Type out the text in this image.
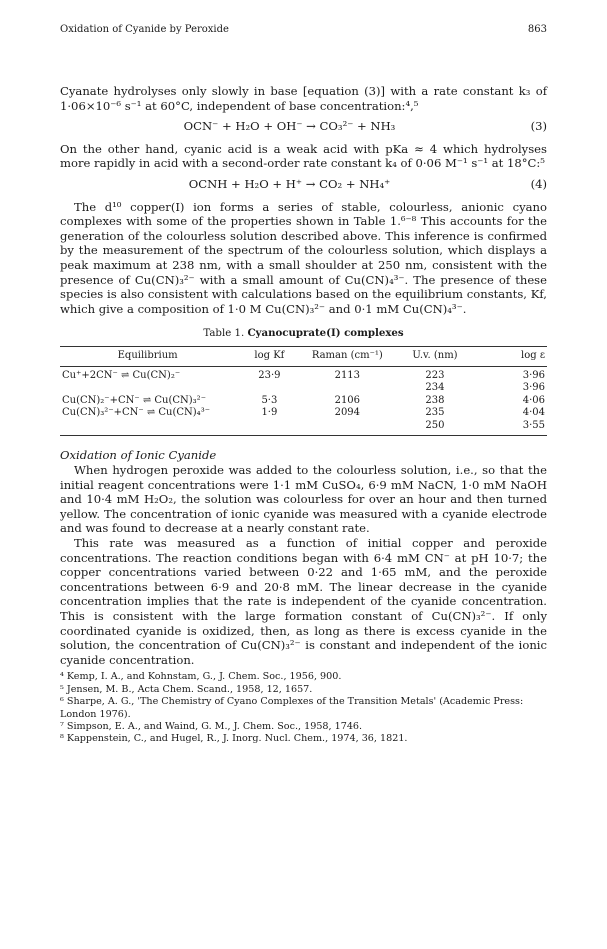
Oxidation of Cyanide by Peroxide	863

Cyanate hydrolyses only slowly in base [equation (3)] with a rate constant k₃ of 1·06×10⁻⁶ s⁻¹ at 60°C, independent of base concentration:⁴,⁵

OCN⁻ + H₂O + OH⁻ → CO₃²⁻ + NH₃	(3)

On the other hand, cyanic acid is a weak acid with pKa ≈ 4 which hydrolyses more rapidly in acid with a second-order rate constant k₄ of 0·06 M⁻¹ s⁻¹ at 18°C:⁵

OCNH + H₂O + H⁺ → CO₂ + NH₄⁺	(4)

The d¹⁰ copper(I) ion forms a series of stable, colourless, anionic cyano complexes with some of the properties shown in Table 1.⁶⁻⁸ This accounts for the generation of the colourless solution described above. This inference is confirmed by the measurement of the spectrum of the colourless solution, which displays a peak maximum at 238 nm, with a small shoulder at 250 nm, consistent with the presence of Cu(CN)₃²⁻ with a small amount of Cu(CN)₄³⁻. The presence of these species is also consistent with calculations based on the equilibrium constants, Kf, which give a composition of 1·0 M Cu(CN)₃²⁻ and 0·1 mM Cu(CN)₄³⁻.

Table 1. Cyanocuprate(I) complexes
Equilibrium	log Kf	Raman (cm⁻¹)	U.v. (nm)	log ε
Cu⁺+2CN⁻ ⇌ Cu(CN)₂⁻	23·9	2113	223	3·96
			234	3·96
Cu(CN)₂⁻+CN⁻ ⇌ Cu(CN)₃²⁻	5·3	2106	238	4·06
Cu(CN)₃²⁻+CN⁻ ⇌ Cu(CN)₄³⁻	1·9	2094	235	4·04
			250	3·55

Oxidation of Ionic Cyanide

When hydrogen peroxide was added to the colourless solution, i.e., so that the initial reagent concentrations were 1·1 mM CuSO₄, 6·9 mM NaCN, 1·0 mM NaOH and 10·4 mM H₂O₂, the solution was colourless for over an hour and then turned yellow. The concentration of ionic cyanide was measured with a cyanide electrode and was found to decrease at a nearly constant rate.

This rate was measured as a function of initial copper and peroxide concentrations. The reaction conditions began with 6·4 mM CN⁻ at pH 10·7; the copper concentrations varied between 0·22 and 1·65 mM, and the peroxide concentrations between 6·9 and 20·8 mM. The linear decrease in the cyanide concentration implies that the rate is independent of the cyanide concentration. This is consistent with the large formation constant of Cu(CN)₃²⁻. If only coordinated cyanide is oxidized, then, as long as there is excess cyanide in the solution, the concentration of Cu(CN)₃²⁻ is constant and independent of the ionic cyanide concentration.

⁴ Kemp, I. A., and Kohnstam, G., J. Chem. Soc., 1956, 900.
⁵ Jensen, M. B., Acta Chem. Scand., 1958, 12, 1657.
⁶ Sharpe, A. G., 'The Chemistry of Cyano Complexes of the Transition Metals' (Academic Press: London 1976).
⁷ Simpson, E. A., and Waind, G. M., J. Chem. Soc., 1958, 1746.
⁸ Kappenstein, C., and Hugel, R., J. Inorg. Nucl. Chem., 1974, 36, 1821.
